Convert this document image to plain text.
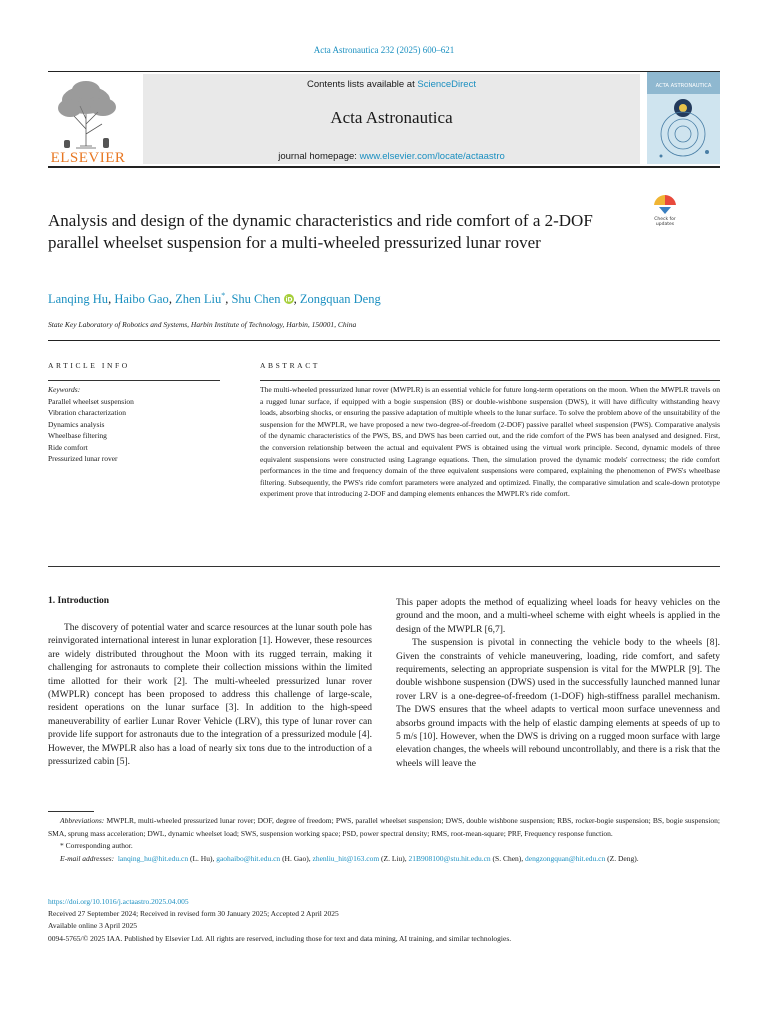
Acta Astronautica 232 (2025) 600–621
ELSEVIER
Contents lists available at ScienceDirect
Acta Astronautica
journal homepage: www.elsevier.com/locate/actaastro
ACTA ASTRONAUTICA
Check for
updates
Analysis and design of the dynamic characteristics and ride comfort of a 2-DOF parallel wheelset suspension for a multi-wheeled pressurized lunar rover
Lanqing Hu, Haibo Gao, Zhen Liu*, Shu Chen iD , Zongquan Deng
State Key Laboratory of Robotics and Systems, Harbin Institute of Technology, Harbin, 150001, China
ARTICLE INFO	ABSTRACT
Keywords:
Parallel wheelset suspension
Vibration characterization
Dynamics analysis
Wheelbase filtering
Ride comfort
Pressurized lunar rover
The multi-wheeled pressurized lunar rover (MWPLR) is an essential vehicle for future long-term operations on the moon. When the MWPLR travels on a rugged lunar surface, if equipped with a bogie suspension (BS) or double-wishbone suspension (DWS), it will have difficulty withstanding heavy loads, absorbing shocks, or ensuring the passive adaptation of multiple wheels to the lunar surface. To solve the problem above of the unsuitability of the suspension for the MWPLR, we have proposed a new two-degree-of-freedom (2-DOF) passive parallel wheel suspension (PWS). Comparative analysis of the dynamic characteristics of the PWS, BS, and DWS has been carried out, and the ride comfort of the PWS has been analysed and designed. First, the conversion relationship between the actual and equivalent PWS is obtained using the virtual work principle. Second, dynamic models of three equivalent suspensions were constructed using Lagrange equations. Then, the simulation proved the dynamic models' correctness; the ride comfort performances in the time and frequency domain of the three equivalent suspensions were compared, explaining the phenomenon of PWS's wheelbase filtering. Subsequently, the PWS's ride comfort parameters were analyzed and optimized. Finally, the comparative simulation and scale-down prototype experiment prove that introducing 2-DOF and damping elements enhances the MWPLR's ride comfort.
1. Introduction

The discovery of potential water and scarce resources at the lunar south pole has reinvigorated international interest in lunar exploration [1]. However, these resources are widely distributed throughout the Moon with its rugged terrain, making it challenging for astronauts to complete their collection missions within the limited time allotted for their work [2]. The multi-wheeled pressurized lunar rover (MWPLR) concept has been proposed to address this challenge of large-scale, resident operations on the lunar surface [3]. In addition to the high-speed maneuverability of earlier Lunar Rover Vehicle (LRV), this type of lunar rover can provide life support for astronauts due to the integration of a pressurized module [4]. However, the MWPLR also has a load of nearly six tons due to the introduction of a pressurized cabin [5].

This paper adopts the method of equalizing wheel loads for heavy vehicles on the ground and the moon, and a multi-wheel scheme with eight wheels is applied in the design of the MWPLR [6,7].

The suspension is pivotal in connecting the vehicle body to the wheels [8]. Given the constraints of vehicle maneuvering, loading, ride comfort, and safety requirements, selecting an appropriate suspension is vital for the MWPLR [9]. The double wishbone suspension (DWS) used in the successfully launched manned lunar rover LRV is a one-degree-of-freedom (1-DOF) high-stiffness parallel mechanism. The DWS ensures that the wheel adapts to vertical moon surface unevenness and absorbs ground impacts with the help of elastic damping elements at speeds of up to 5 m/s [10]. However, when the DWS is driving on a rugged moon surface with large elevation changes, the wheels will rebound uncontrollably, and there is a risk that the wheels will leave the

Abbreviations: MWPLR, multi-wheeled pressurized lunar rover; DOF, degree of freedom; PWS, parallel wheelset suspension; DWS, double wishbone suspension; RBS, rocker-bogie suspension; BS, bogie suspension; SMA, sprung mass acceleration; DWL, dynamic wheelset load; SWS, suspension working space; PSD, power spectral density; RMS, root-mean-square; PRF, Frequency response function.

* Corresponding author.

E-mail addresses: lanqing_hu@hit.edu.cn (L. Hu), gaohaibo@hit.edu.cn (H. Gao), zhenliu_hit@163.com (Z. Liu), 21B908100@stu.hit.edu.cn (S. Chen), dengzongquan@hit.edu.cn (Z. Deng).

https://doi.org/10.1016/j.actaastro.2025.04.005
Received 27 September 2024; Received in revised form 30 January 2025; Accepted 2 April 2025
Available online 3 April 2025
0094-5765/© 2025 IAA. Published by Elsevier Ltd. All rights are reserved, including those for text and data mining, AI training, and similar technologies.
